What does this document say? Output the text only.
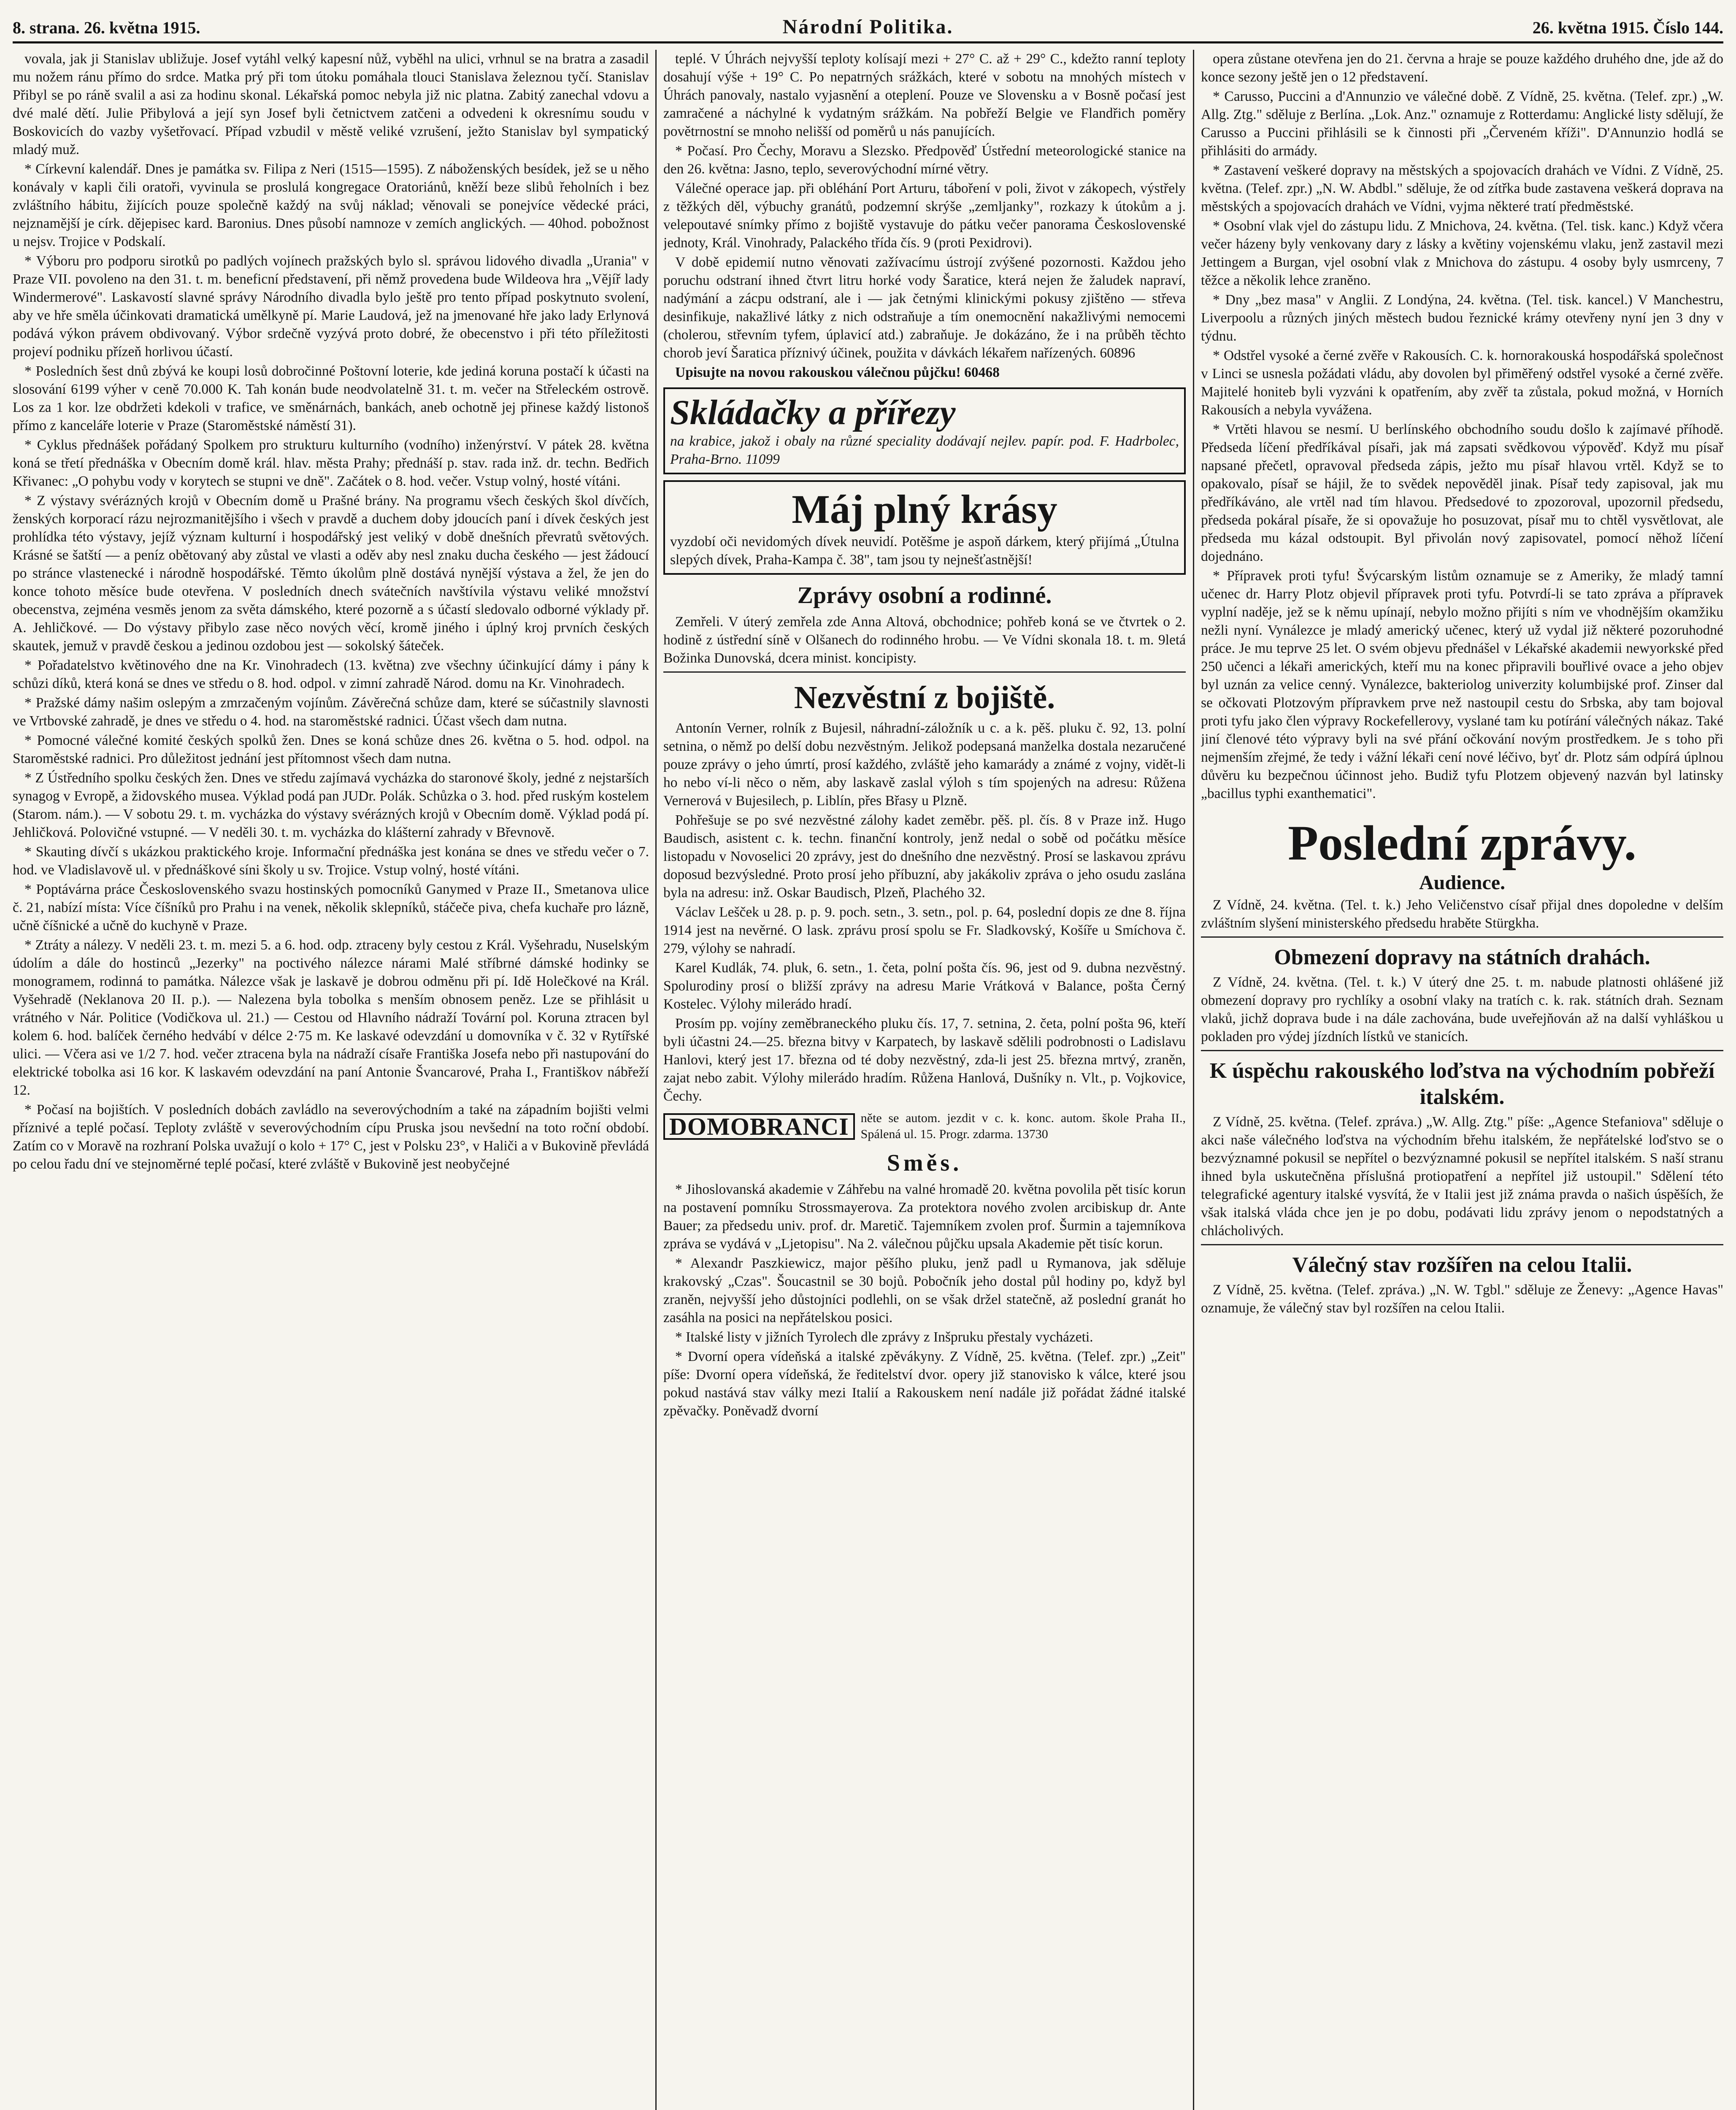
8. strana. 26. května 1915.	Národní Politika.	26. května 1915. Číslo 144.

vovala, jak ji Stanislav ubližuje. Josef vytáhl velký kapesní nůž, vyběhl na ulici, vrhnul se na bratra a zasadil mu nožem ránu přímo do srdce. Matka prý při tom útoku pomáhala tlouci Stanislava železnou tyčí. Stanislav Přibyl se po ráně svalil a asi za hodinu skonal. Lékařská pomoc nebyla již nic platna. Zabitý zanechal vdovu a dvé malé dětí. Julie Přibylová a její syn Josef byli četnictvem zatčeni a odvedeni k okresnímu soudu v Boskovicích do vazby vyšetřovací. Případ vzbudil v městě veliké vzrušení, ježto Stanislav byl sympatický mladý muž.

* Církevní kalendář. Dnes je památka sv. Filipa z Neri (1515—1595). Z náboženských besídek, jež se u něho konávaly v kapli čili oratoři, vyvinula se proslulá kongregace Oratoriánů, kněží beze slibů řeholních i bez zvláštního hábitu, žijících pouze společně každý na svůj náklad; věnovali se ponejvíce vědecké práci, nejznamější je círk. dějepisec kard. Baronius. Dnes působí namnoze v zemích anglických. — 40hod. pobožnost u nejsv. Trojice v Podskalí.

* Výboru pro podporu sirotků po padlých vojínech pražských bylo sl. správou lidového divadla „Urania" v Praze VII. povoleno na den 31. t. m. beneficní představení, při němž provedena bude Wildeova hra „Vějíř lady Windermerové". Laskavostí slavné správy Národního divadla bylo ještě pro tento případ poskytnuto svolení, aby ve hře směla účinkovati dramatická umělkyně pí. Marie Laudová, jež na jmenované hře jako lady Erlynová podává výkon právem obdivovaný. Výbor srdečně vyzývá proto dobré, že obecenstvo i při této příležitosti projeví podniku přízeň horlivou účastí.

* Posledních šest dnů zbývá ke koupi losů dobročinné Poštovní loterie, kde jediná koruna postačí k účasti na slosování 6199 výher v ceně 70.000 K. Tah konán bude neodvolatelně 31. t. m. večer na Střeleckém ostrově. Los za 1 kor. lze obdržeti kdekoli v trafice, ve směnárnách, bankách, aneb ochotně jej přinese každý listonoš přímo z kanceláře loterie v Praze (Staroměstské náměstí 31).

* Cyklus přednášek pořádaný Spolkem pro strukturu kulturního (vodního) inženýrství. V pátek 28. května koná se třetí přednáška v Obecním domě král. hlav. města Prahy; přednáší p. stav. rada inž. dr. techn. Bedřich Křivanec: „O pohybu vody v korytech se stupni ve dně". Začátek o 8. hod. večer. Vstup volný, hosté vítáni.

* Z výstavy svérázných krojů v Obecním domě u Prašné brány. Na programu všech českých škol dívčích, ženských korporací rázu nejrozmanitějšího i všech v pravdě a duchem doby jdoucích paní i dívek českých jest prohlídka této výstavy, jejíž význam kulturní i hospodářský jest veliký v době dnešních převratů světových. Krásné se šatští — a peníz obětovaný aby zůstal ve vlasti a oděv aby nesl znaku ducha českého — jest žádoucí po stránce vlastenecké i národně hospodářské. Těmto úkolům plně dostává nynější výstava a žel, že jen do konce tohoto měsíce bude otevřena. V posledních dnech svátečních navštívila výstavu veliké množství obecenstva, zejména vesměs jenom za světa dámského, které pozorně a s účastí sledovalo odborné výklady př. A. Jehličkové. — Do výstavy přibylo zase něco nových věcí, kromě jiného i úplný kroj prvních českých skautek, jemuž v pravdě českou a jedinou ozdobou jest — sokolský šáteček.

* Pořadatelstvo květinového dne na Kr. Vinohradech (13. května) zve všechny účinkující dámy i pány k schůzi díků, která koná se dnes ve středu o 8. hod. odpol. v zimní zahradě Národ. domu na Kr. Vinohradech.

* Pražské dámy našim oslepým a zmrzačeným vojínům. Závěrečná schůze dam, které se súčastnily slavnosti ve Vrtbovské zahradě, je dnes ve středu o 4. hod. na staroměstské radnici. Účast všech dam nutna.

* Pomocné válečné komité českých spolků žen. Dnes se koná schůze dnes 26. května o 5. hod. odpol. na Staroměstské radnici. Pro důležitost jednání jest přítomnost všech dam nutna.

* Z Ústředního spolku českých žen. Dnes ve středu zajímavá vycházka do staronové školy, jedné z nejstarších synagog v Evropě, a židovského musea. Výklad podá pan JUDr. Polák. Schůzka o 3. hod. před ruským kostelem (Starom. nám.). — V sobotu 29. t. m. vycházka do výstavy svérázných krojů v Obecním domě. Výklad podá pí. Jehličková. Polovičné vstupné. — V neděli 30. t. m. vycházka do klášterní zahrady v Břevnově.

* Skauting dívčí s ukázkou praktického kroje. Informační přednáška jest konána se dnes ve středu večer o 7. hod. ve Vladislavově ul. v přednáškové síni školy u sv. Trojice. Vstup volný, hosté vítáni.

* Poptávárna práce Československého svazu hostinských pomocníků Ganymed v Praze II., Smetanova ulice č. 21, nabízí místa: Více číšníků pro Prahu i na venek, několik sklepníků, stáčeče piva, chefa kuchaře pro lázně, učně číšnické a učně do kuchyně v Praze.

* Ztráty a nálezy. V neděli 23. t. m. mezi 5. a 6. hod. odp. ztraceny byly cestou z Král. Vyšehradu, Nuselským údolím a dále do hostinců „Jezerky" na poctivého nálezce nárami Malé stříbrné dámské hodinky se monogramem, rodinná to památka. Nálezce však je laskavě je dobrou odměnu při pí. Idě Holečkové na Král. Vyšehradě (Neklanova 20 II. p.). — Nalezena byla tobolka s menším obnosem peněz. Lze se přihlásit u vrátného v Nár. Politice (Vodičkova ul. 21.) — Cestou od Hlavního nádraží Tovární pol. Koruna ztracen byl kolem 6. hod. balíček černého hedvábí v délce 2·75 m. Ke laskavé odevzdání u domovníka v č. 32 v Rytířské ulici. — Včera asi ve 1/2 7. hod. večer ztracena byla na nádraží císaře Františka Josefa nebo při nastupování do elektrické tobolka asi 16 kor. K laskavém odevzdání na paní Antonie Švancarové, Praha I., Františkov nábřeží 12.

* Počasí na bojištích. V posledních dobách zavládlo na severovýchodním a také na západním bojišti velmi příznivé a teplé počasí. Teploty zvláště v severovýchodním cípu Pruska jsou nevšední na toto roční období. Zatím co v Moravě na rozhraní Polska uvažují o kolo + 17° C, jest v Polsku 23°, v Haliči a v Bukovině převládá po celou řadu dní ve stejnoměrné teplé počasí, které zvláště v Bukovině jest neobyčejné

teplé. V Úhrách nejvyšší teploty kolísají mezi + 27° C. až + 29° C., kdežto ranní teploty dosahují výše + 19° C. Po nepatrných srážkách, které v sobotu na mnohých místech v Úhrách panovaly, nastalo vyjasnění a oteplení. Pouze ve Slovensku a v Bosně počasí jest zamračené a náchylné k vydatným srážkám. Na pobřeží Belgie ve Flandřich poměry povětrnostní se mnoho nelišší od poměrů u nás panujících.

* Počasí. Pro Čechy, Moravu a Slezsko. Předpověď Ústřední meteorologické stanice na den 26. května: Jasno, teplo, severovýchodní mírné větry.

Válečné operace jap. při obléhání Port Arturu, táboření v poli, život v zákopech, výstřely z těžkých děl, výbuchy granátů, podzemní skrýše „zemljanky", rozkazy k útokům a j. velepoutavé snímky přímo z bojiště vystavuje do pátku večer panorama Československé jednoty, Král. Vinohrady, Palackého třída čís. 9 (proti Pexidrovi).

V době epidemií nutno věnovati zažívacímu ústrojí zvýšené pozornosti. Každou jeho poruchu odstraní ihned čtvrt litru horké vody Šaratice, která nejen že žaludek napraví, nadýmání a zácpu odstraní, ale i — jak četnými klinickými pokusy zjištěno — střeva desinfikuje, nakažlivé látky z nich odstraňuje a tím onemocnění nakažlivými nemocemi (cholerou, střevním tyfem, úplavicí atd.) zabraňuje. Je dokázáno, že i na průběh těchto chorob jeví Šaratica příznivý účinek, použita v dávkách lékařem nařízených. 60896

Upisujte na novou rakouskou válečnou půjčku! 60468

Skládačky a přířezy
na krabice, jakož i obaly na různé speciality dodávají nejlev. papír. pod. F. Hadrbolec, Praha-Brno. 11099
Máj plný krásy
vyzdobí oči nevidomých dívek neuvidí. Potěšme je aspoň dárkem, který přijímá „Útulna slepých dívek, Praha-Kampa č. 38", tam jsou ty nejnešťastnější!
Zprávy osobní a rodinné.

Zemřeli. V úterý zemřela zde Anna Altová, obchodnice; pohřeb koná se ve čtvrtek o 2. hodině z ústřední síně v Olšanech do rodinného hrobu. — Ve Vídni skonala 18. t. m. 9letá Božinka Dunovská, dcera minist. koncipisty.

Nezvěstní z bojiště.

Antonín Verner, rolník z Bujesil, náhradní-záložník u c. a k. pěš. pluku č. 92, 13. polní setnina, o němž po delší dobu nezvěstným. Jelikož podepsaná manželka dostala nezaručené pouze zprávy o jeho úmrtí, prosí každého, zvláště jeho kamarády a známé z vojny, vidět-li ho nebo ví-li něco o něm, aby laskavě zaslal výloh s tím spojených na adresu: Růžena Vernerová v Bujesilech, p. Liblín, přes Břasy u Plzně.

Pohřešuje se po své nezvěstné zálohy kadet zeměbr. pěš. pl. čís. 8 v Praze inž. Hugo Baudisch, asistent c. k. techn. finanční kontroly, jenž nedal o sobě od počátku měsíce listopadu v Novoselici 20 zprávy, jest do dnešního dne nezvěstný. Prosí se laskavou zprávu doposud bezvýsledné. Proto prosí jeho příbuzní, aby jakákoliv zpráva o jeho osudu zaslána byla na adresu: inž. Oskar Baudisch, Plzeň, Plachého 32.

Václav Lešček u 28. p. p. 9. poch. setn., 3. setn., pol. p. 64, poslední dopis ze dne 8. října 1914 jest na nevěrné. O lask. zprávu prosí spolu se Fr. Sladkovský, Košíře u Smíchova č. 279, výlohy se nahradí.

Karel Kudlák, 74. pluk, 6. setn., 1. četa, polní pošta čís. 96, jest od 9. dubna nezvěstný. Spolurodiny prosí o bližší zprávy na adresu Marie Vrátková v Balance, pošta Černý Kostelec. Výlohy milerádo hradí.

Prosím pp. vojíny zeměbraneckého pluku čís. 17, 7. setnina, 2. četa, polní pošta 96, kteří byli účastni 24.—25. března bitvy v Karpatech, by laskavě sdělili podrobnosti o Ladislavu Hanlovi, který jest 17. března od té doby nezvěstný, zda-li jest 25. března mrtvý, zraněn, zajat nebo zabit. Výlohy milerádo hradím. Růžena Hanlová, Dušníky n. Vlt., p. Vojkovice, Čechy.

DOMOBRANCI něte se autom. jezdit v c. k. konc. autom. škole Praha II., Spálená ul. 15. Progr. zdarma. 13730
Směs.

* Jihoslovanská akademie v Záhřebu na valné hromadě 20. května povolila pět tisíc korun na postavení pomníku Strossmayerova. Za protektora nového zvolen arcibiskup dr. Ante Bauer; za předsedu univ. prof. dr. Maretič. Tajemníkem zvolen prof. Šurmin a tajemníkova zpráva se vydává v „Ljetopisu". Na 2. válečnou půjčku upsala Akademie pět tisíc korun.

* Alexandr Paszkiewicz, major pěšího pluku, jenž padl u Rymanova, jak sděluje krakovský „Czas". Šoucastnil se 30 bojů. Pobočník jeho dostal půl hodiny po, když byl zraněn, nejvyšší jeho důstojníci podlehli, on se však držel statečně, až poslední granát ho zasáhla na posici na nepřátelskou posici.

* Italské listy v jižních Tyrolech dle zprávy z Inšpruku přestaly vycházeti.

* Dvorní opera vídeňská a italské zpěvákyny. Z Vídně, 25. května. (Telef. zpr.) „Zeit" píše: Dvorní opera vídeňská, že ředitelství dvor. opery již stanovisko k válce, které jsou pokud nastává stav války mezi Italií a Rakouskem není nadále již pořádat žádné italské zpěvačky. Poněvadž dvorní

opera zůstane otevřena jen do 21. června a hraje se pouze každého druhého dne, jde až do konce sezony ještě jen o 12 představení.

* Carusso, Puccini a d'Annunzio ve válečné době. Z Vídně, 25. května. (Telef. zpr.) „W. Allg. Ztg." sděluje z Berlína. „Lok. Anz." oznamuje z Rotterdamu: Anglické listy sdělují, že Carusso a Puccini přihlásili se k činnosti při „Červeném kříži". D'Annunzio hodlá se přihlásiti do armády.

* Zastavení veškeré dopravy na městských a spojovacích drahách ve Vídni. Z Vídně, 25. května. (Telef. zpr.) „N. W. Abdbl." sděluje, že od zítřka bude zastavena veškerá doprava na městských a spojovacích drahách ve Vídni, vyjma některé tratí předměstské.

* Osobní vlak vjel do zástupu lidu. Z Mnichova, 24. května. (Tel. tisk. kanc.) Když včera večer házeny byly venkovany dary z lásky a květiny vojenskému vlaku, jenž zastavil mezi Jettingem a Burgan, vjel osobní vlak z Mnichova do zástupu. 4 osoby byly usmrceny, 7 těžce a několik lehce zraněno.

* Dny „bez masa" v Anglii. Z Londýna, 24. května. (Tel. tisk. kancel.) V Manchestru, Liverpoolu a různých jiných městech budou řeznické krámy otevřeny nyní jen 3 dny v týdnu.

* Odstřel vysoké a černé zvěře v Rakousích. C. k. hornorakouská hospodářská společnost v Linci se usnesla požádati vládu, aby dovolen byl přiměřený odstřel vysoké a černé zvěře. Majitelé honiteb byli vyzváni k opatřením, aby zvěř ta zůstala, pokud možná, v Horních Rakousích a nebyla vyvážena.

* Vrtěti hlavou se nesmí. U berlínského obchodního soudu došlo k zajímavé příhodě. Předseda líčení předříkával písaři, jak má zapsati svědkovou výpověď. Když mu písař napsané přečetl, opravoval předseda zápis, ježto mu písař hlavou vrtěl. Když se to opakovalo, písař se hájil, že to svědek nepověděl jinak. Písař tedy zapisoval, jak mu předříkáváno, ale vrtěl nad tím hlavou. Předsedové to zpozoroval, upozornil předsedu, předseda pokáral písaře, že si opovažuje ho posuzovat, písař mu to chtěl vysvětlovat, ale předseda mu kázal odstoupit. Byl přivolán nový zapisovatel, pomocí něhož líčení dojednáno.

* Přípravek proti tyfu! Švýcarským listům oznamuje se z Ameriky, že mladý tamní učenec dr. Harry Plotz objevil přípravek proti tyfu. Potvrdí-li se tato zpráva a přípravek vyplní naděje, jež se k němu upínají, nebylo možno přijíti s ním ve vhodnějším okamžiku nežli nyní. Vynálezce je mladý americký učenec, který už vydal již některé pozoruhodné práce. Je mu teprve 25 let. O svém objevu přednášel v Lékařské akademii newyorkské před 250 učenci a lékaři amerických, kteří mu na konec připravili bouřlivé ovace a jeho objev byl uznán za velice cenný. Vynálezce, bakteriolog univerzity kolumbijské prof. Zinser dal se očkovati Plotzovým přípravkem prve než nastoupil cestu do Srbska, aby tam bojoval proti tyfu jako člen výpravy Rockefellerovy, vyslané tam ku potírání válečných nákaz. Také jiní členové této výpravy byli na své přání očkování novým prostředkem. Je s toho při nejmenším zřejmé, že tedy i vážní lékaři cení nové léčivo, byť dr. Plotz sám odpírá úplnou důvěru ku bezpečnou účinnost jeho. Budiž tyfu Plotzem objevený nazván byl latinsky „bacillus typhi exanthematici".

Poslední zprávy.
Audience.

Z Vídně, 24. května. (Tel. t. k.) Jeho Veličenstvo císař přijal dnes dopoledne v delším zvláštním slyšení ministerského předsedu hraběte Stürgkha.

Obmezení dopravy na státních drahách.

Z Vídně, 24. května. (Tel. t. k.) V úterý dne 25. t. m. nabude platnosti ohlášené již obmezení dopravy pro rychlíky a osobní vlaky na tratích c. k. rak. státních drah. Seznam vlaků, jichž doprava bude i na dále zachována, bude uveřejňován až na další vyhláškou u pokladen pro výdej jízdních lístků ve stanicích.

K úspěchu rakouského loďstva na východním pobřeží italském.

Z Vídně, 25. května. (Telef. zpráva.) „W. Allg. Ztg." píše: „Agence Stefaniova" sděluje o akci naše válečného loďstva na východním břehu italském, že nepřátelské loďstvo se o bezvýznamné pokusil se nepřítel o bezvýznamné pokusil se nepřítel italském. S naší stranu ihned byla uskutečněna příslušná protiopatření a nepřítel již ustoupil." Sdělení této telegrafické agentury italské vysvítá, že v Italii jest již známa pravda o našich úspěších, že však italská vláda chce jen je po dobu, podávati lidu zprávy jenom o nepodstatných a chlácholivých.

Válečný stav rozšířen na celou Italii.

Z Vídně, 25. května. (Telef. zpráva.) „N. W. Tgbl." sděluje ze Ženevy: „Agence Havas" oznamuje, že válečný stav byl rozšířen na celou Italii.
